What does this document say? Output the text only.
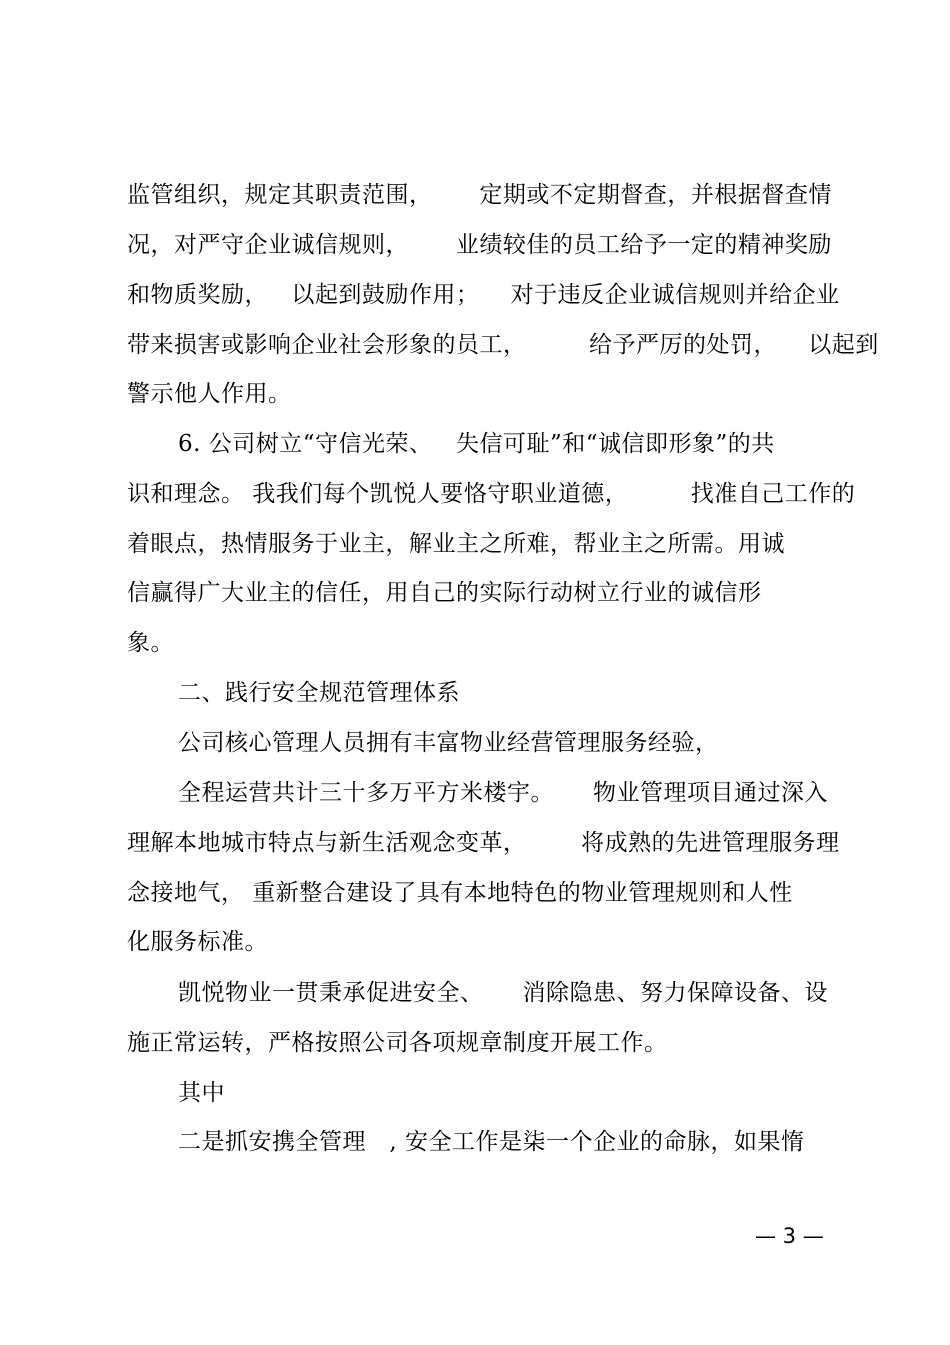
监管组织，规定其职责范围，      定期或不定期督查，并根据督查情
况，对严守企业诚信规则，      业绩较佳的员工给予一定的精神奖励
和物质奖励，   以起到鼓励作用；    对于违反企业诚信规则并给企业
带来损害或影响企业社会形象的员工，        给予严厉的处罚，    以起到
警示他人作用。
6. 公司树立“守信光荣、   失信可耻”和“诚信即形象”的共
识和理念。 我我们每个凯悦人要恪守职业道德，        找准自己工作的
着眼点，热情服务于业主，解业主之所难，帮业主之所需。用诚
信赢得广大业主的信任，用自己的实际行动树立行业的诚信形
象。
二、践行安全规范管理体系
公司核心管理人员拥有丰富物业经营管理服务经验，
全程运营共计三十多万平方米楼宇。     物业管理项目通过深入
理解本地城市特点与新生活观念变革，       将成熟的先进管理服务理
念接地气， 重新整合建设了具有本地特色的物业管理规则和人性
化服务标准。
凯悦物业一贯秉承促进安全、     消除隐患、努力保障设备、设
施正常运转，严格按照公司各项规章制度开展工作。
其中
二是抓安携全管理   , 安全工作是柒一个企业的命脉，如果惰
— 3 —
